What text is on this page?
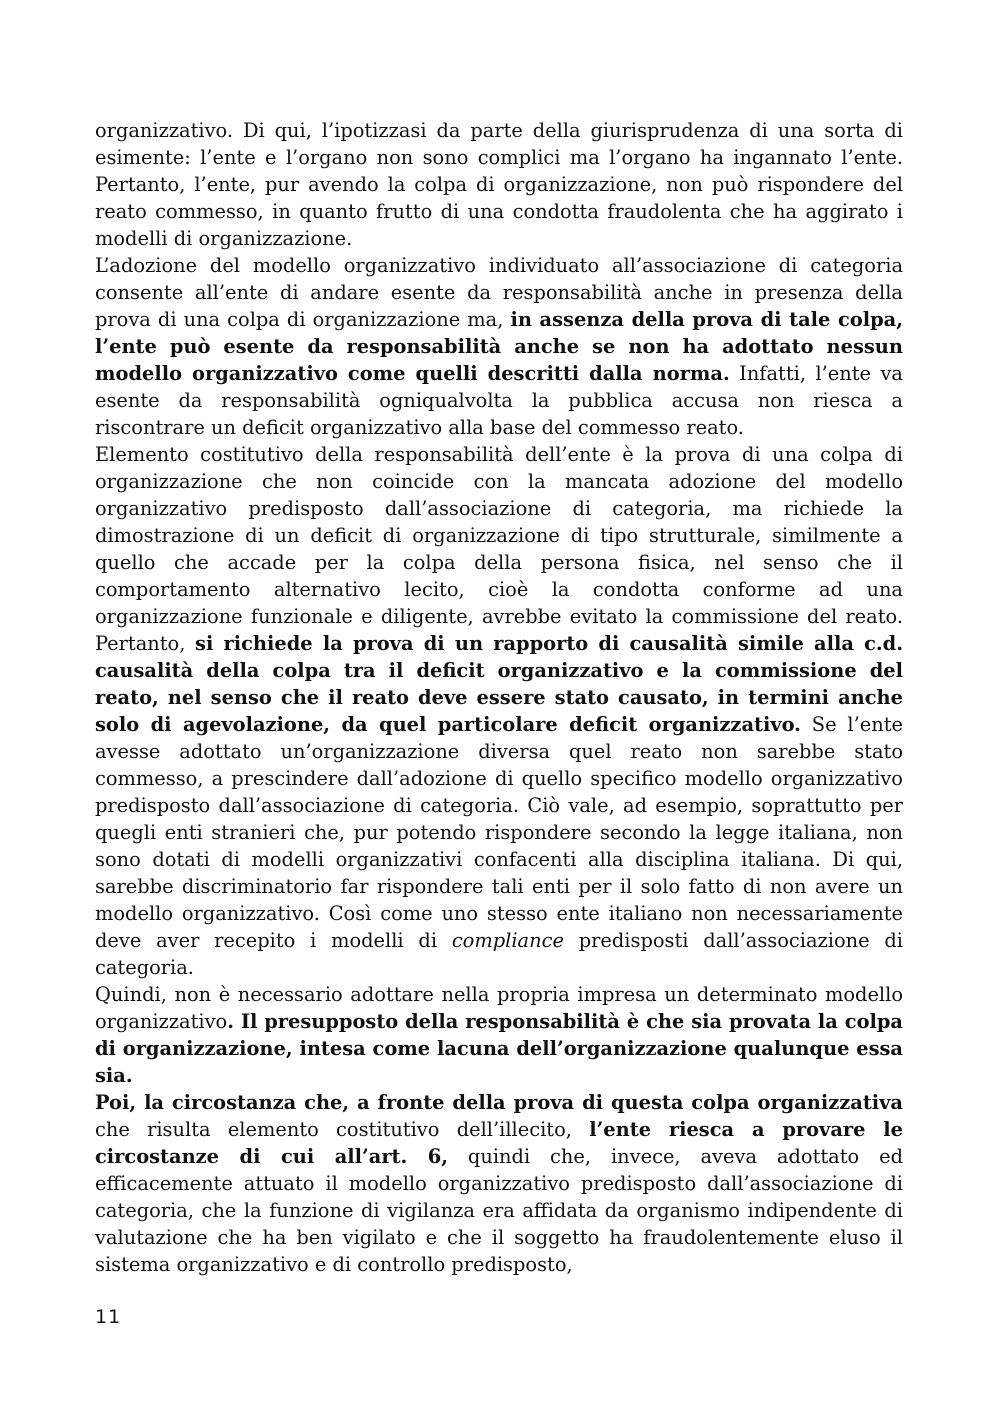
organizzativo. Di qui, l’ipotizzasi da parte della giurisprudenza di una sorta di esimente: l’ente e l’organo non sono complici ma l’organo ha ingannato l’ente. Pertanto, l’ente, pur avendo la colpa di organizzazione, non può rispondere del reato commesso, in quanto frutto di una condotta fraudolenta che ha aggirato i modelli di organizzazione.

L’adozione del modello organizzativo individuato all’associazione di categoria consente all’ente di andare esente da responsabilità anche in presenza della prova di una colpa di organizzazione ma, in assenza della prova di tale colpa, l’ente può esente da responsabilità anche se non ha adottato nessun modello organizzativo come quelli descritti dalla norma. Infatti, l’ente va esente da responsabilità ogniqualvolta la pubblica accusa non riesca a riscontrare un deficit organizzativo alla base del commesso reato.

Elemento costitutivo della responsabilità dell’ente è la prova di una colpa di organizzazione che non coincide con la mancata adozione del modello organizzativo predisposto dall’associazione di categoria, ma richiede la dimostrazione di un deficit di organizzazione di tipo strutturale, similmente a quello che accade per la colpa della persona fisica, nel senso che il comportamento alternativo lecito, cioè la condotta conforme ad una organizzazione funzionale e diligente, avrebbe evitato la commissione del reato. Pertanto, si richiede la prova di un rapporto di causalità simile alla c.d. causalità della colpa tra il deficit organizzativo e la commissione del reato, nel senso che il reato deve essere stato causato, in termini anche solo di agevolazione, da quel particolare deficit organizzativo. Se l’ente avesse adottato un’organizzazione diversa quel reato non sarebbe stato commesso, a prescindere dall’adozione di quello specifico modello organizzativo predisposto dall’associazione di categoria. Ciò vale, ad esempio, soprattutto per quegli enti stranieri che, pur potendo rispondere secondo la legge italiana, non sono dotati di modelli organizzativi confacenti alla disciplina italiana. Di qui, sarebbe discriminatorio far rispondere tali enti per il solo fatto di non avere un modello organizzativo. Così come uno stesso ente italiano non necessariamente deve aver recepito i modelli di compliance predisposti dall’associazione di categoria.

Quindi, non è necessario adottare nella propria impresa un determinato modello organizzativo. Il presupposto della responsabilità è che sia provata la colpa di organizzazione, intesa come lacuna dell’organizzazione qualunque essa sia.

Poi, la circostanza che, a fronte della prova di questa colpa organizzativa che risulta elemento costitutivo dell’illecito, l’ente riesca a provare le circostanze di cui all’art. 6, quindi che, invece, aveva adottato ed efficacemente attuato il modello organizzativo predisposto dall’associazione di categoria, che la funzione di vigilanza era affidata da organismo indipendente di valutazione che ha ben vigilato e che il soggetto ha fraudolentemente eluso il sistema organizzativo e di controllo predisposto,

11
